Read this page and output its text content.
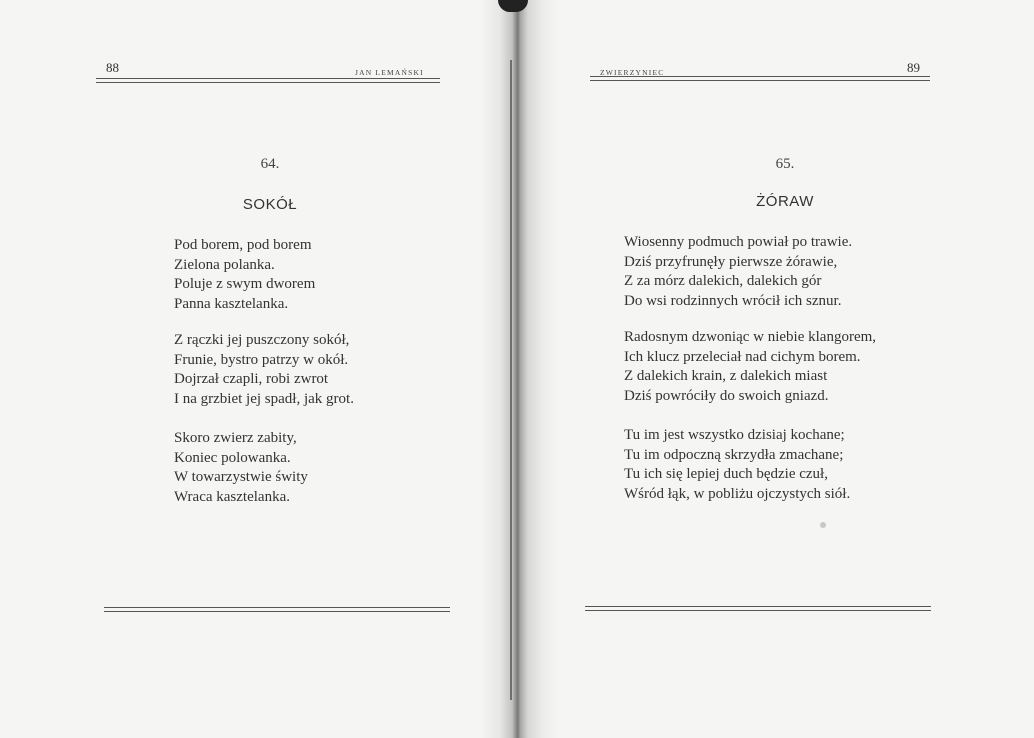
88	JAN LEMAŃSKI
64.
SOKÓŁ
Pod borem, pod borem
Zielona polanka.
Poluje z swym dworem
Panna kasztelanka.
Z rączki jej puszczony sokół,
Frunie, bystro patrzy w okół.
Dojrzał czapli, robi zwrot
I na grzbiet jej spadł, jak grot.
Skoro zwierz zabity,
Koniec polowanka.
W towarzystwie świty
Wraca kasztelanka.
ZWIERZYNIEC	89
65.
ŻÓRAW
Wiosenny podmuch powiał po trawie.
Dziś przyfrunęły pierwsze żórawie,
Z za mórz dalekich, dalekich gór
Do wsi rodzinnych wrócił ich sznur.
Radosnym dzwoniąc w niebie klangorem,
Ich klucz przeleciał nad cichym borem.
Z dalekich krain, z dalekich miast
Dziś powróciły do swoich gniazd.
Tu im jest wszystko dzisiaj kochane;
Tu im odpoczną skrzydła zmachane;
Tu ich się lepiej duch będzie czuł,
Wśród łąk, w pobliżu ojczystych siół.
